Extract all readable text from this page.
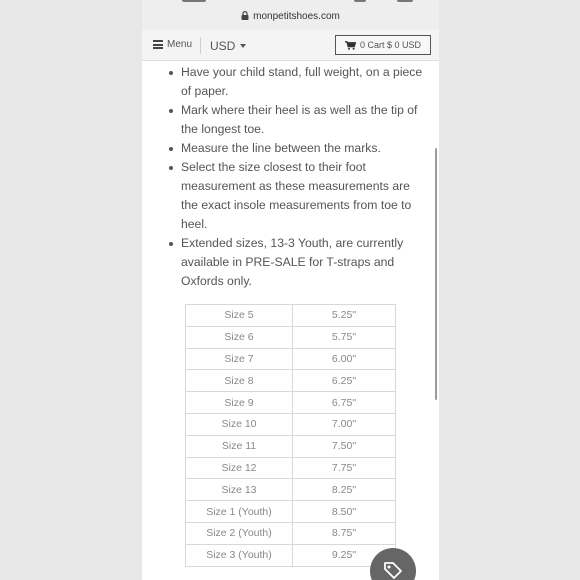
monpetitshoes.com
Menu USD	0 Cart $ 0 USD
Have your child stand, full weight, on a piece of paper.
Mark where their heel is as well as the tip of the longest toe.
Measure the line between the marks.
Select the size closest to their foot measurement as these measurements are the exact insole measurements from toe to heel.
Extended sizes, 13-3 Youth, are currently available in PRE-SALE for T-straps and Oxfords only.
Size 5	5.25"
Size 6	5.75"
Size 7	6.00"
Size 8	6.25"
Size 9	6.75"
Size 10	7.00"
Size 11	7.50"
Size 12	7.75"
Size 13	8.25"
Size 1 (Youth)	8.50"
Size 2 (Youth)	8.75"
Size 3 (Youth)	9.25"
